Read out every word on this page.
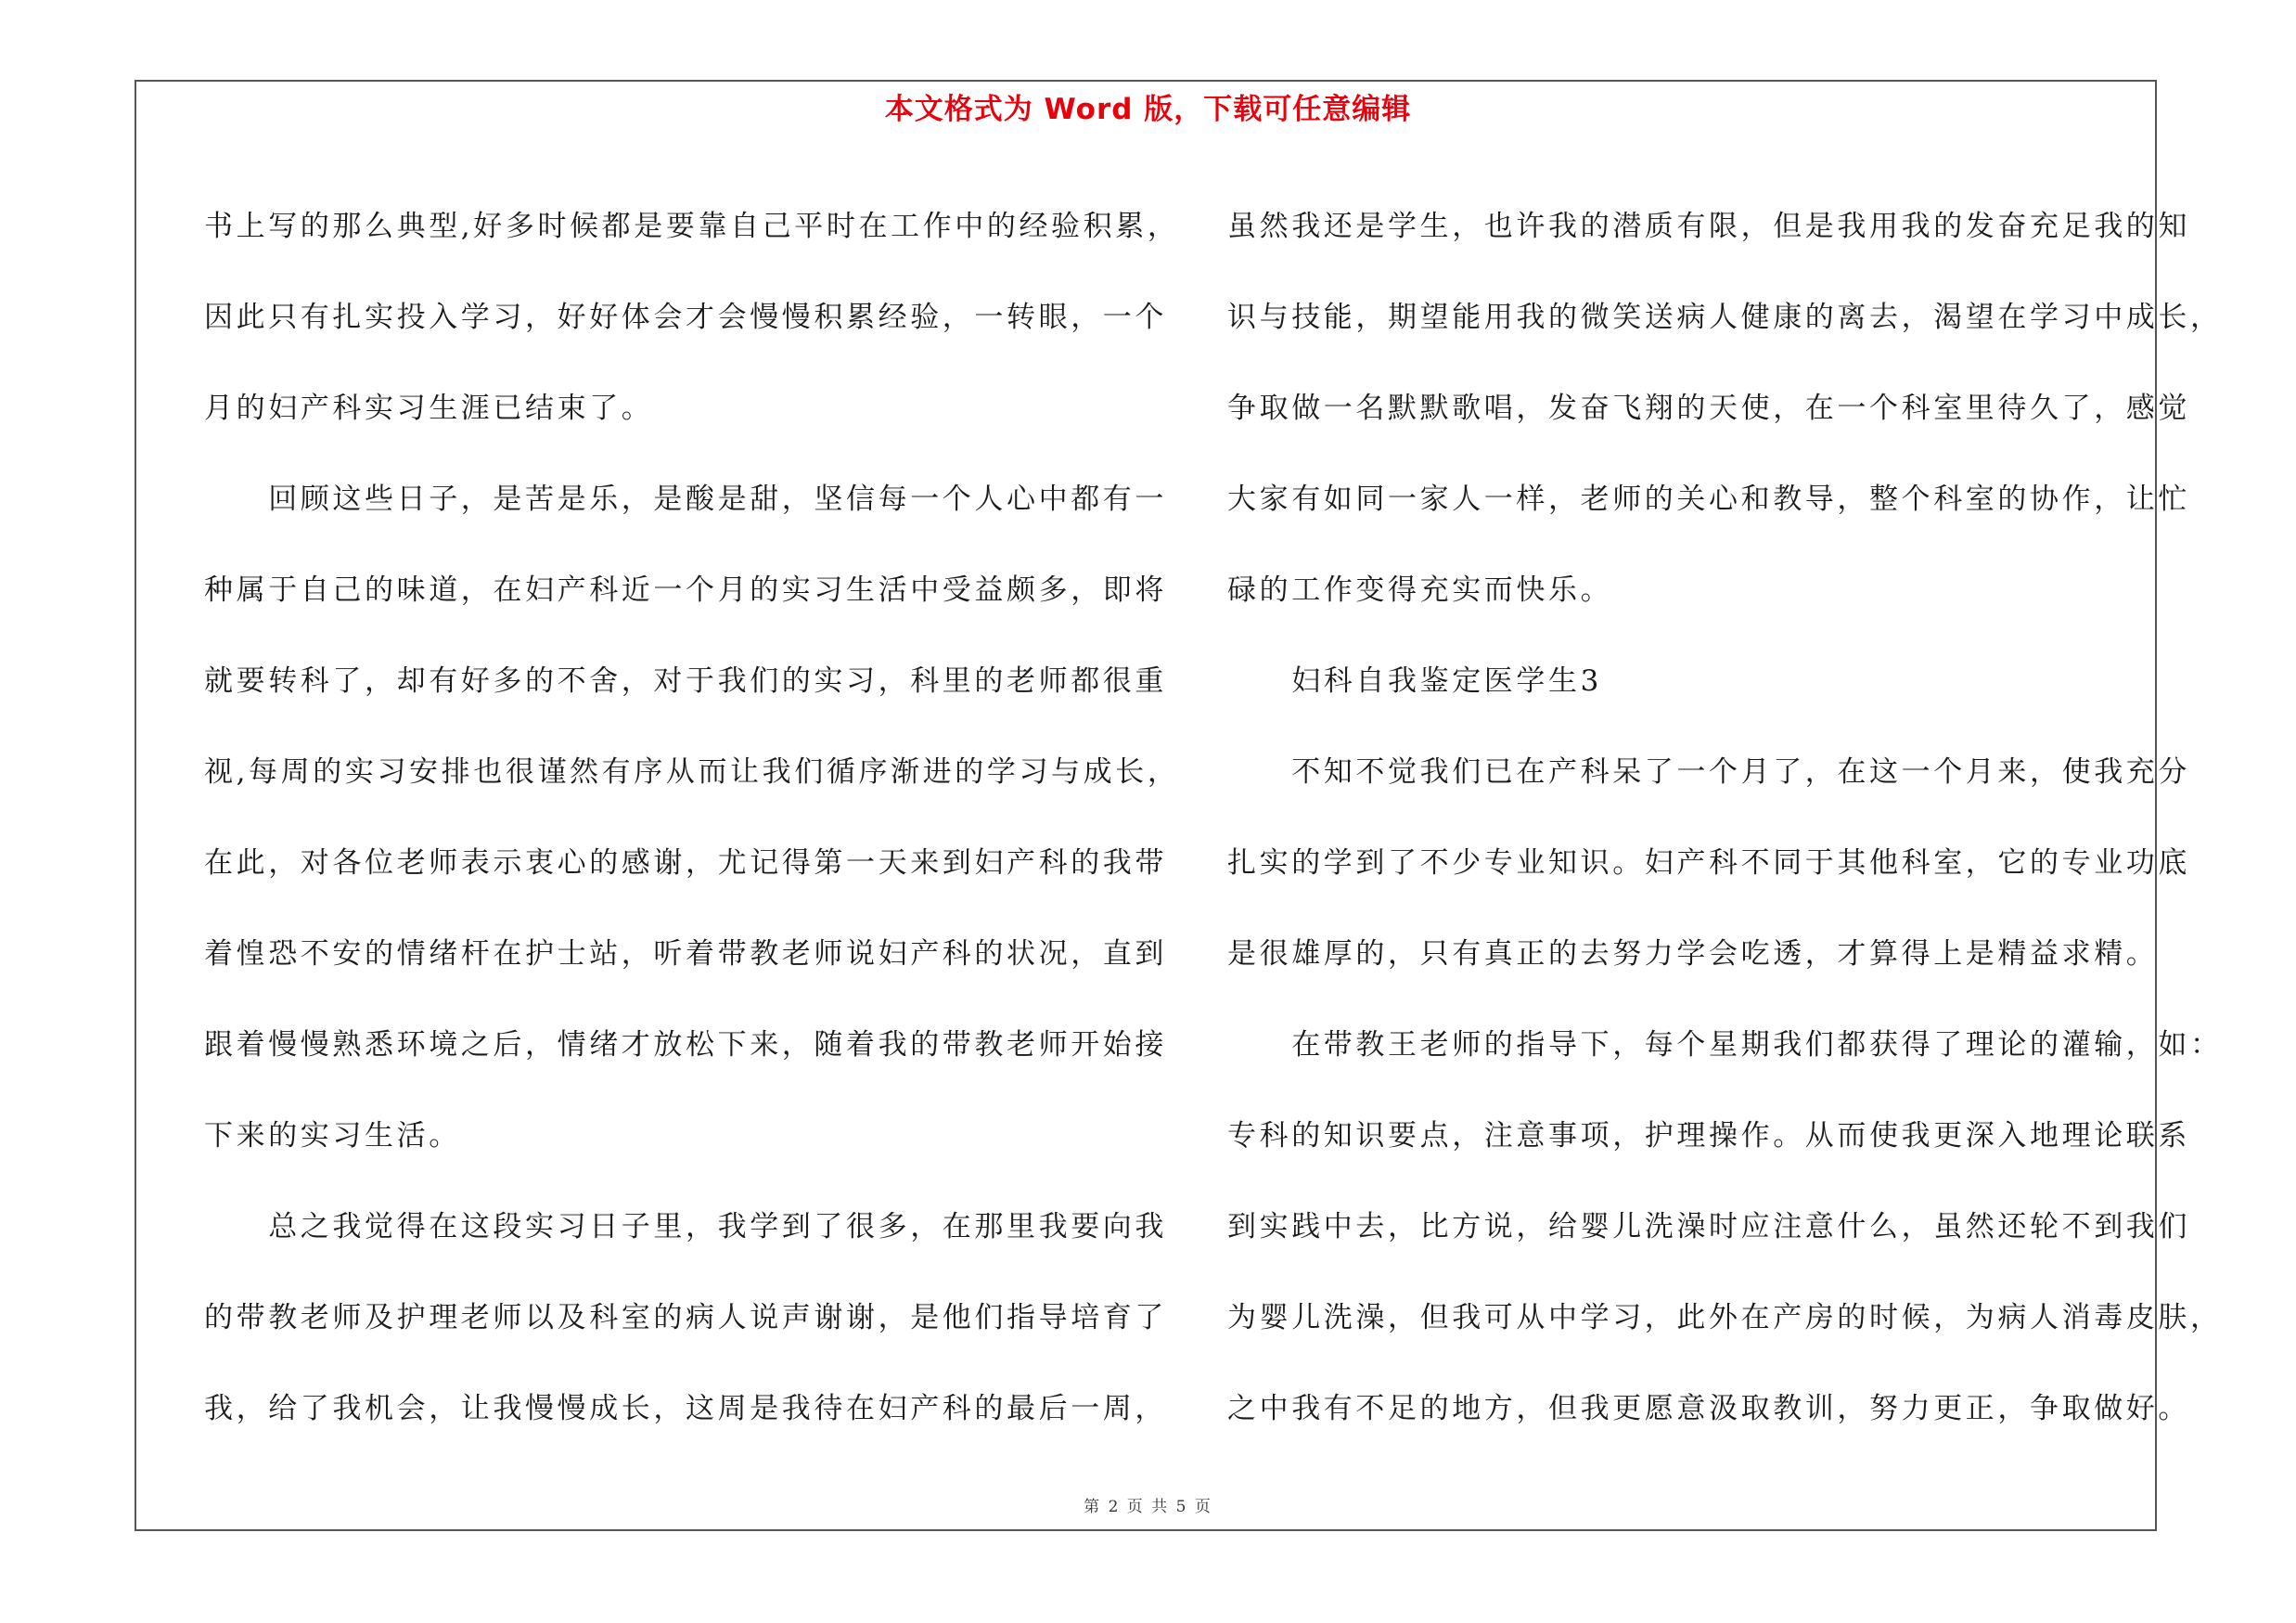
本文格式为 Word 版，下载可任意编辑
书上写的那么典型,好多时候都是要靠自己平时在工作中的经验积累，
因此只有扎实投入学习，好好体会才会慢慢积累经验，一转眼，一个
月的妇产科实习生涯已结束了。
　　回顾这些日子，是苦是乐，是酸是甜，坚信每一个人心中都有一
种属于自己的味道，在妇产科近一个月的实习生活中受益颇多，即将
就要转科了，却有好多的不舍，对于我们的实习，科里的老师都很重
视,每周的实习安排也很谨然有序从而让我们循序渐进的学习与成长，
在此，对各位老师表示衷心的感谢，尤记得第一天来到妇产科的我带
着惶恐不安的情绪杆在护士站，听着带教老师说妇产科的状况，直到
跟着慢慢熟悉环境之后，情绪才放松下来，随着我的带教老师开始接
下来的实习生活。
　　总之我觉得在这段实习日子里，我学到了很多，在那里我要向我
的带教老师及护理老师以及科室的病人说声谢谢，是他们指导培育了
我，给了我机会，让我慢慢成长，这周是我待在妇产科的最后一周，
虽然我还是学生，也许我的潜质有限，但是我用我的发奋充足我的知
识与技能，期望能用我的微笑送病人健康的离去，渴望在学习中成长，
争取做一名默默歌唱，发奋飞翔的天使，在一个科室里待久了，感觉
大家有如同一家人一样，老师的关心和教导，整个科室的协作，让忙
碌的工作变得充实而快乐。
　　妇科自我鉴定医学生3
　　不知不觉我们已在产科呆了一个月了，在这一个月来，使我充分
扎实的学到了不少专业知识。妇产科不同于其他科室，它的专业功底
是很雄厚的，只有真正的去努力学会吃透，才算得上是精益求精。
　　在带教王老师的指导下，每个星期我们都获得了理论的灌输，如：
专科的知识要点，注意事项，护理操作。从而使我更深入地理论联系
到实践中去，比方说，给婴儿洗澡时应注意什么，虽然还轮不到我们
为婴儿洗澡，但我可从中学习，此外在产房的时候，为病人消毒皮肤，
之中我有不足的地方，但我更愿意汲取教训，努力更正，争取做好。
第 2 页 共 5 页
